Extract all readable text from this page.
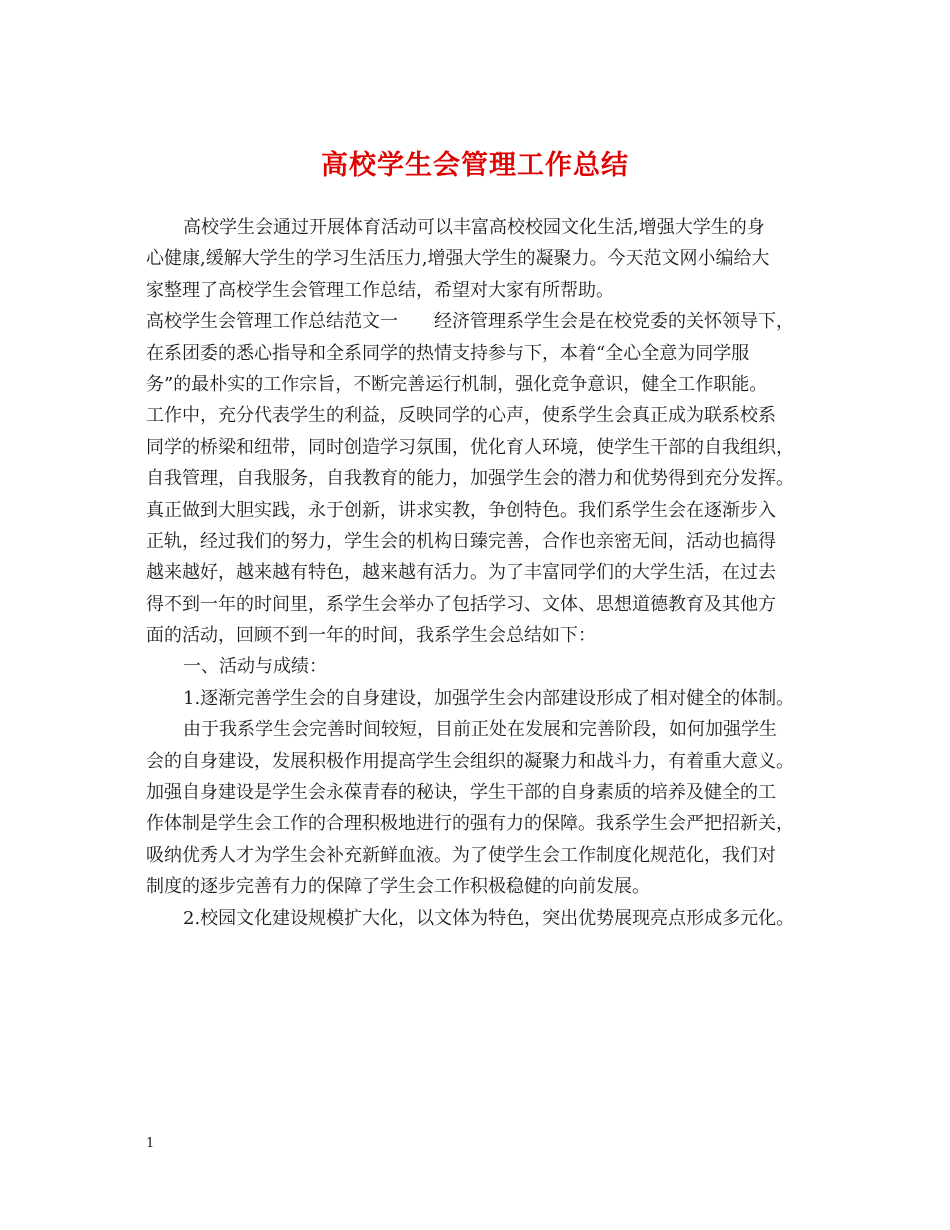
高校学生会管理工作总结
高校学生会通过开展体育活动可以丰富高校校园文化生活,增强大学生的身
心健康,缓解大学生的学习生活压力,增强大学生的凝聚力。今天范文网小编给大
家整理了高校学生会管理工作总结，希望对大家有所帮助。
高校学生会管理工作总结范文一　　经济管理系学生会是在校党委的关怀领导下，
在系团委的悉心指导和全系同学的热情支持参与下，本着“全心全意为同学服
务”的最朴实的工作宗旨，不断完善运行机制，强化竞争意识，健全工作职能。
工作中，充分代表学生的利益，反映同学的心声，使系学生会真正成为联系校系
同学的桥梁和纽带，同时创造学习氛围，优化育人环境，使学生干部的自我组织，
自我管理，自我服务，自我教育的能力，加强学生会的潜力和优势得到充分发挥。
真正做到大胆实践，永于创新，讲求实教，争创特色。我们系学生会在逐渐步入
正轨，经过我们的努力，学生会的机构日臻完善，合作也亲密无间，活动也搞得
越来越好，越来越有特色，越来越有活力。为了丰富同学们的大学生活，在过去
得不到一年的时间里，系学生会举办了包括学习、文体、思想道德教育及其他方
面的活动，回顾不到一年的时间，我系学生会总结如下：
一、活动与成绩：
1.逐渐完善学生会的自身建设，加强学生会内部建设形成了相对健全的体制。
由于我系学生会完善时间较短，目前正处在发展和完善阶段，如何加强学生
会的自身建设，发展积极作用提高学生会组织的凝聚力和战斗力，有着重大意义。
加强自身建设是学生会永葆青春的秘诀，学生干部的自身素质的培养及健全的工
作体制是学生会工作的合理积极地进行的强有力的保障。我系学生会严把招新关，
吸纳优秀人才为学生会补充新鲜血液。为了使学生会工作制度化规范化，我们对
制度的逐步完善有力的保障了学生会工作积极稳健的向前发展。
2.校园文化建设规模扩大化，以文体为特色，突出优势展现亮点形成多元化。
1
